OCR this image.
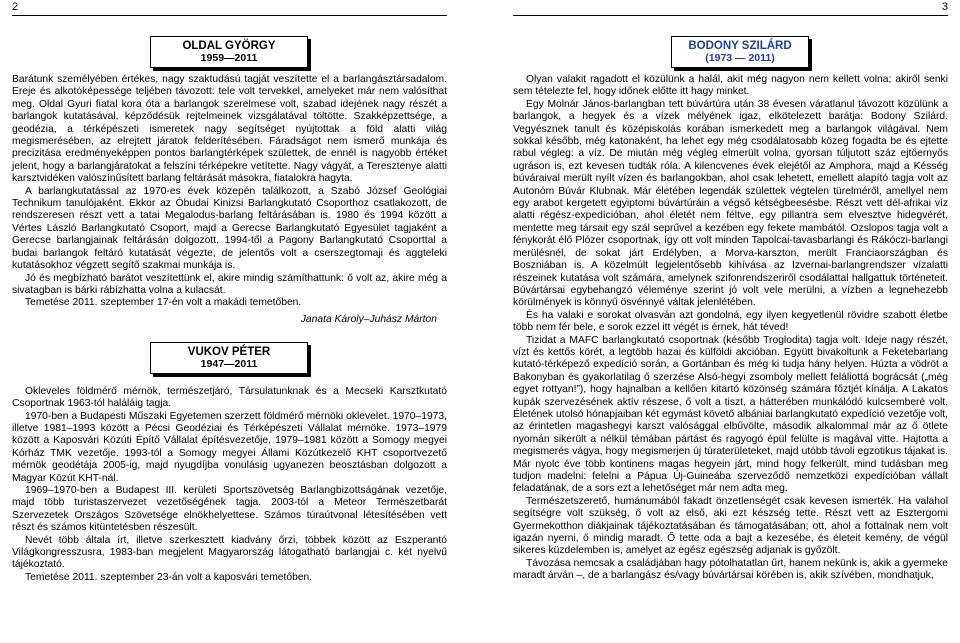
2	3
OLDAL GYÖRGY
1959—2011

Barátunk személyében értékes, nagy szaktudású tagját veszítette el a barlangásztársadalom. Ereje és alkotóképessége teljében távozott: tele volt tervekkel, amelyeket már nem valósíthat meg. Oldal Gyuri fiatal kora óta a barlangok szerelmese volt, szabad idejének nagy részét a barlangok kutatásával, képződésük rejtelmeinek vizsgálatával töltötte. Szakképzettsége, a geodézia, a térképészeti ismeretek nagy segítséget nyújtottak a föld alatti világ megismerésében, az elrejtett járatok felderítésében. Fáradságot nem ismerő munkája és precizitása eredményeképpen pontos barlangtérképek születtek, de ennél is nagyobb értéket jelent, hogy a barlangjáratokat a felszíni térképekre vetítette. Nagy vágyát, a Teresztenye alatti karsztvidéken valószínűsített barlang feltárását másokra, fiatalokra hagyta.

A barlangkutatással az 1970-es évek közepén találkozott, a Szabó József Geológiai Technikum tanulójaként. Ekkor az Óbudai Kinizsi Barlangkutató Csoporthoz csatlakozott, de rendszeresen részt vett a tatai Megalodus-barlang feltárásában is. 1980 és 1994 között a Vértes László Barlangkutató Csoport, majd a Gerecse Barlangkutató Egyesület tagjaként a Gerecse barlangjainak feltárásán dolgozott. 1994-től a Pagony Barlangkutató Csoporttal a budai barlangok feltáró kutatását végezte, de jelentős volt a cserszegtomaji és aggteleki kutatásokhoz végzett segítő szakmai munkája is.

Jó és megbízható barátot veszítettünk el, akire mindig számíthattunk: ő volt az, akire még a sivatagban is bárki rábízhatta volna a kulacsát.

Temetése 2011. szeptember 17-én volt a makádi temetőben.

Janata Károly–Juhász Márton
VUKOV PÉTER
1947—2011

Okleveles földmérő mérnök, természetjáró, Társulatunknak és a Mecseki Karsztkutató Csoportnak 1963-tól haláláig tagja.

1970-ben a Budapesti Műszaki Egyetemen szerzett földmérő mérnöki oklevelet. 1970–1973, illetve 1981–1993 között a Pécsi Geodéziai és Térképészeti Vállalat mérnöke. 1973–1979 között a Kaposvári Közúti Építő Vállalat építésvezetője, 1979–1981 között a Somogy megyei Kórház TMK vezetője. 1993-tól a Somogy megyei Állami Közútkezelő KHT csoportvezető mérnök geodétája 2005-ig, majd nyugdíjba vonulásig ugyanezen beosztásban dolgozott a Magyar Közút KHT-nál.

1969–1970-ben a Budapest III. kerületi Sportszövetség Barlangbizottságának vezetője, majd több turistaszervezet vezetőségének tagja. 2003-tól a Meteor Természetbarát Szervezetek Országos Szövetsége elnökhelyettese. Számos túraútvonal létesítésében vett részt és számos kitüntetésben részesült.

Nevét több általa írt, illetve szerkesztett kiadvány őrzi, többek között az Eszperantó Világkongresszusra, 1983-ban megjelent Magyarország látogatható barlangjai c. két nyelvű tájékoztató.

Temetése 2011. szeptember 23-án volt a kaposvári temetőben.

BODONY SZILÁRD
(1973 — 2011)

Olyan valakit ragadott el közülünk a halál, akit még nagyon nem kellett volna; akiről senki sem tételezte fel, hogy időnek előtte itt hagy minket.

Egy Molnár János-barlangban tett búvártúra után 38 évesen váratlanul távozott közülünk a barlangok, a hegyek és a vízek mélyének igaz, elkötelezett barátja: Bodony Szilárd. Vegyésznek tanult és középiskolás korában ismerkedett meg a barlangok világával. Nem sokkal később, még katonaként, ha lehet egy még csodálatosabb közeg fogadta be és ejtette rabul végleg: a víz. De miután még végleg elmerült volna, gyorsan túljutott száz ejtőernyős ugráson is, ezt kevesen tudták róla. A kilencvenes évek elejétől az Amphora, majd a Késség búváraival merült nyílt vízen és barlangokban, ahol csak lehetett, emellett alapító tagja volt az Autonóm Búvár Klubnak. Már életében legendák születtek végtelen türelméről, amellyel nem egy arabot kergetett egyiptomi búvártúráin a végső kétségbeesésbe. Részt vett dél-afrikai víz alatti régész-expedícióban, ahol életét nem féltve, egy pillantra sem elvesztve hidegvérét, mentette meg társait egy szál seprűvel a kezében egy fekete mambától. Ozslopos tagja volt a fénykorát élő Plózer csoportnak, így ott volt minden Tapolcai-tavasbarlangi és Rákóczi-barlangi merülésnél, de sokat járt Erdélyben, a Morva-karszton, merült Franciaországban és Boszniában is. A közelmúlt legjelentősebb kihívása az Izvernai-barlangrendszer vízalatti részeinek kutatása volt számára, amelynek szifonrendszeriről csodálattal hallgattuk történeteit. Búvártársai egybehangzó véleménye szerint jó volt vele merülni, a vízben a legnehezebb körülmények is könnyű ösvénnyé váltak jelenlétében.

És ha valaki e sorokat olvasván azt gondolná, egy ilyen kegyetlenül rövidre szabott életbe több nem fér bele, e sorok ezzel itt végét is érnek, hát téved!

Tizidat a MAFC barlangkutató csoportnak (később Troglodita) tagja volt. Ideje nagy részét, vízt és kettős körét, a legtöbb hazai és külföldi akcióban. Együtt bivakoltunk a Feketebarlang kutató-térképező expedíció során, a Gortánban és még ki tudja hány helyen. Húzta a vödröt a Bakonyban és gyakorlatilag ő szerzése Alsó-hegyi zsomboly mellett feláliottá bográcsát („még egyet rottyan!”), hogy hajnalban a kellően kitartó közönség számára főztjét kínálja. A Lakatos kupák szervezésének aktív részese, ő volt a tiszt, a hátterében munkálódó kulcsemberé volt. Életének utolsó hónapjaiban két egymást követő albániai barlangkutató expedíció vezetője volt, az érintetlen magashegyi karszt valósággal elbűvölte, második alkalommal már az ő ötlete nyomán sikerült a nélkül témában pártást és ragyogó épül felülte is magával vitte. Hajtotta a megismerés vágya, hogy megismerjen új túraterületeket, majd utóbb távoli egzotikus tájakat is. Már nyolc éve több kontinens magas hegyein járt, mind hogy felkerült, mind tudásban meg tudjon madelni: felelni a Pápua Új-Guineába szerveződő nemzetközi expedícióban vállalt feladatának, de a sors ezt a lehetőséget már nem adta meg.

Természetszerető, humánumából fakadt önzetlenségét csak kevesen ismerték. Ha valahol segítségre volt szükség, ő volt az első, aki ezt készség tette. Részt vett az Esztergomi Gyermekotthon diákjainak tájékoztatásában és támogatásában; ott, ahol a fottalnak nem volt igazán nyerni, ő mindig maradt. Ő tette oda a bajt a kezesébe, és életeit kemény, de végül sikeres küzdelemben is, amelyet az egész egészség adjanak is győzölt.

Távozása nemcsak a családjában hagy pótolhatatlan űrt, hanem nekünk is, akik a gyermeke maradt árván –, de a barlangász és/vagy búvártársai körében is, akik szívében, mondhatjuk,
